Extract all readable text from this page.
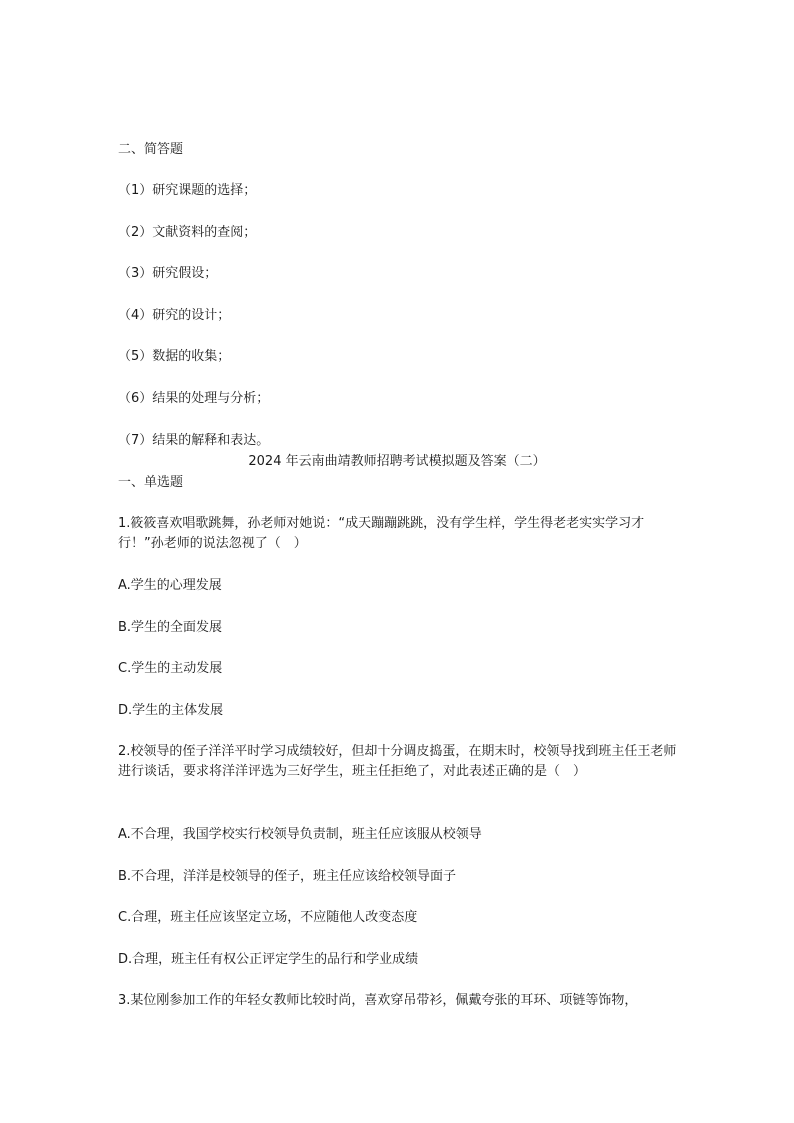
二、简答题
（1）研究课题的选择；
（2）文献资料的查阅；
（3）研究假设；
（4）研究的设计；
（5）数据的收集；
（6）结果的处理与分析；
（7）结果的解释和表达。
2024 年云南曲靖教师招聘考试模拟题及答案（二）
一、单选题
1.筱筱喜欢唱歌跳舞，孙老师对她说：“成天蹦蹦跳跳，没有学生样，学生得老老实实学习才行！”孙老师的说法忽视了（　）
A.学生的心理发展
B.学生的全面发展
C.学生的主动发展
D.学生的主体发展
2.校领导的侄子洋洋平时学习成绩较好，但却十分调皮捣蛋，在期末时，校领导找到班主任王老师进行谈话，要求将洋洋评选为三好学生，班主任拒绝了，对此表述正确的是（　）
A.不合理，我国学校实行校领导负责制，班主任应该服从校领导
B.不合理，洋洋是校领导的侄子，班主任应该给校领导面子
C.合理，班主任应该坚定立场，不应随他人改变态度
D.合理，班主任有权公正评定学生的品行和学业成绩
3.某位刚参加工作的年轻女教师比较时尚，喜欢穿吊带衫，佩戴夸张的耳环、项链等饰物，
